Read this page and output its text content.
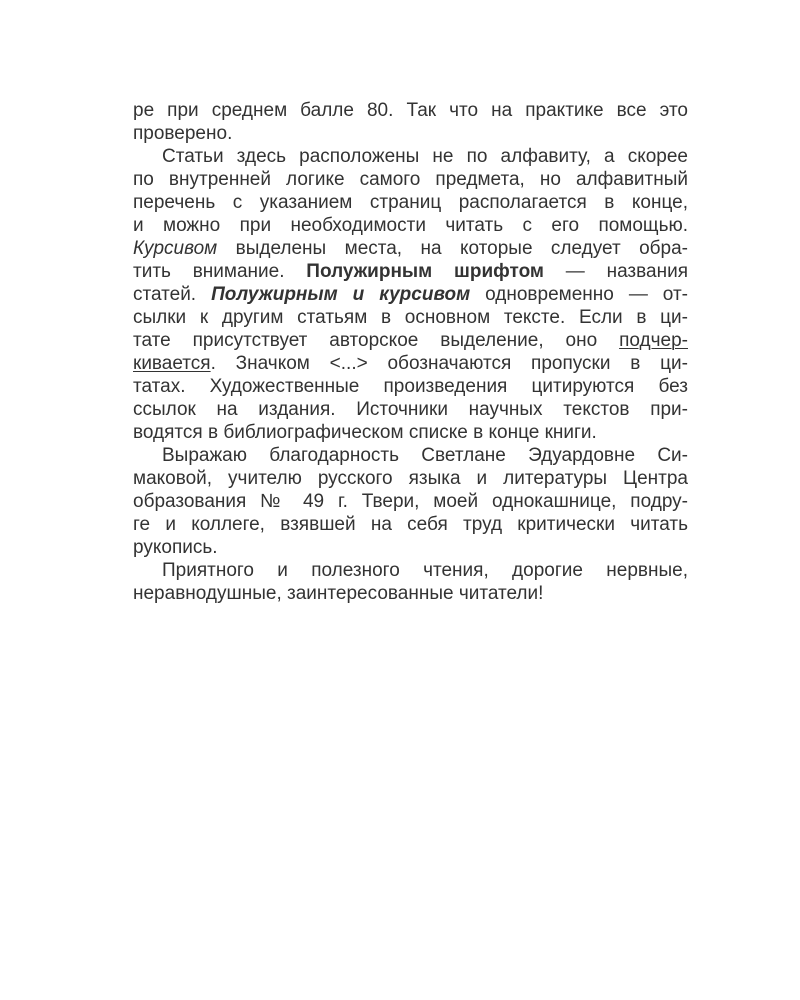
ре при среднем балле 80. Так что на практике все это
проверено.
Статьи здесь расположены не по алфавиту, а скорее
по внутренней логике самого предмета, но алфавитный
перечень с указанием страниц располагается в конце,
и можно при необходимости читать с его помощью.
Курсивом выделены места, на которые следует обра-
тить внимание. Полужирным шрифтом — названия
статей. Полужирным и курсивом одновременно — от-
сылки к другим статьям в основном тексте. Если в ци-
тате присутствует авторское выделение, оно подчер-
кивается. Значком <...> обозначаются пропуски в ци-
татах. Художественные произведения цитируются без
ссылок на издания. Источники научных текстов при-
водятся в библиографическом списке в конце книги.
Выражаю благодарность Светлане Эдуардовне Си-
маковой, учителю русского языка и литературы Центра
образования № 49 г. Твери, моей однокашнице, подру-
ге и коллеге, взявшей на себя труд критически читать
рукопись.
Приятного и полезного чтения, дорогие нервные,
неравнодушные, заинтересованные читатели!
